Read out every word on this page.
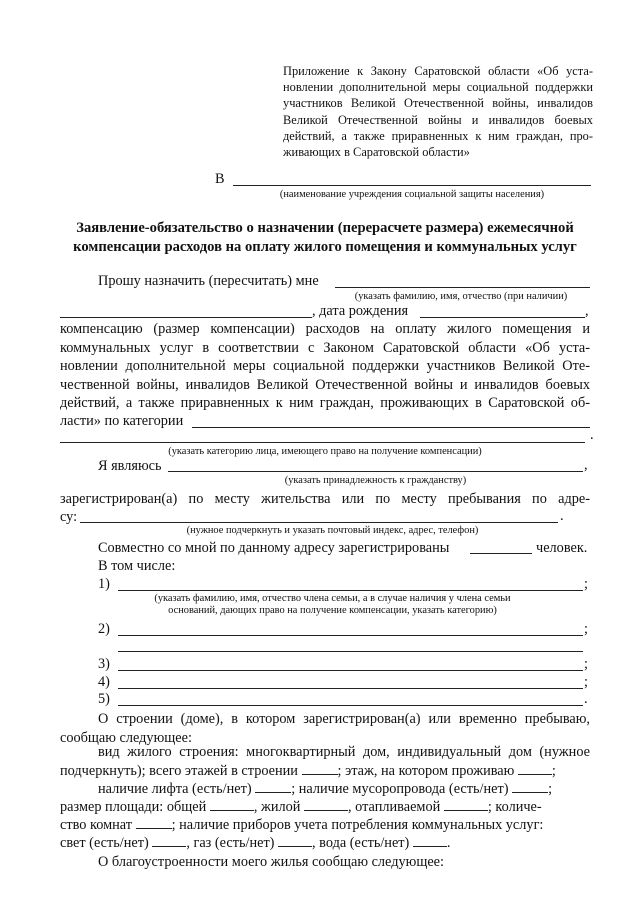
Приложение к Закону Саратовской области «Об уста-
новлении дополнительной меры социальной поддержки
участников Великой Отечественной войны, инвалидов
Великой Отечественной войны и инвалидов боевых
действий, а также приравненных к ним граждан, про-
живающих в Саратовской области»
В
(наименование учреждения социальной защиты населения)
Заявление-обязательство о назначении (перерасчете размера) ежемесячной
компенсации расходов на оплату жилого помещения и коммунальных услуг
Прошу назначить (пересчитать) мне
(указать фамилию, имя, отчество (при наличии)
, дата рождения	,
компенсацию (размер компенсации) расходов на оплату жилого помещения и
коммунальных услуг в соответствии с Законом Саратовской области «Об уста-
новлении дополнительной меры социальной поддержки участников Великой Оте-
чественной войны, инвалидов Великой Отечественной войны и инвалидов боевых
действий, а также приравненных к ним граждан, проживающих в Саратовской об-
ласти» по категории
.
(указать категорию лица, имеющего право на получение компенсации)
Я являюсь	,
(указать принадлежность к гражданству)
зарегистрирован(а) по месту жительства или по месту пребывания по адре-
су:	.
(нужное подчеркнуть и указать почтовый индекс, адрес, телефон)
Совместно со мной по данному адресу зарегистрированы	человек.
В том числе:
1)	;
(указать фамилию, имя, отчество члена семьи, а в случае наличия у члена семьи
оснований, дающих право на получение компенсации, указать категорию)
2)	;
3)	;
4)	;
5)	.
О строении (доме), в котором зарегистрирован(а) или временно пребываю,
сообщаю следующее:
вид жилого строения: многоквартирный дом, индивидуальный дом (нужное
подчеркнуть); всего этажей в строении	; этаж, на котором проживаю	;
наличие лифта (есть/нет)	; наличие мусоропровода (есть/нет)	;
размер площади: общей	, жилой	, отапливаемой	; количе-
ство комнат	; наличие приборов учета потребления коммунальных услуг:
свет (есть/нет)	, газ (есть/нет)	, вода (есть/нет)	.
О благоустроенности моего жилья сообщаю следующее:
